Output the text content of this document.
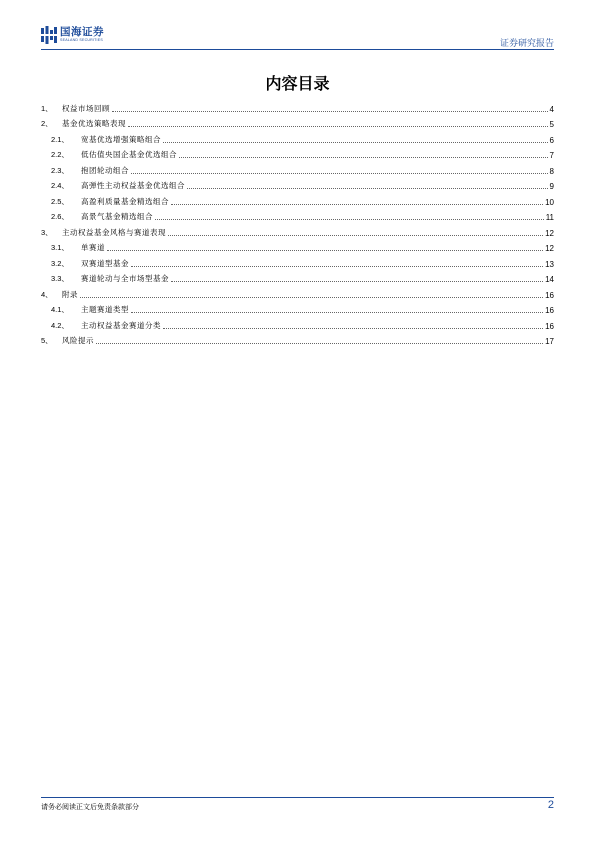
国海证券
SEALAND SECURITIES	证券研究报告
内容目录
1、	权益市场回顾	4
2、	基金优选策略表现	5
2.1、	宽基优选增强策略组合	6
2.2、	低估值央国企基金优选组合	7
2.3、	抱团轮动组合	8
2.4、	高弹性主动权益基金优选组合	9
2.5、	高盈利质量基金精选组合	10
2.6、	高景气基金精选组合	11
3、	主动权益基金风格与赛道表现	12
3.1、	单赛道	12
3.2、	双赛道型基金	13
3.3、	赛道轮动与全市场型基金	14
4、	附录	16
4.1、	主题赛道类型	16
4.2、	主动权益基金赛道分类	16
5、	风险提示	17
请务必阅读正文后免责条款部分	2
